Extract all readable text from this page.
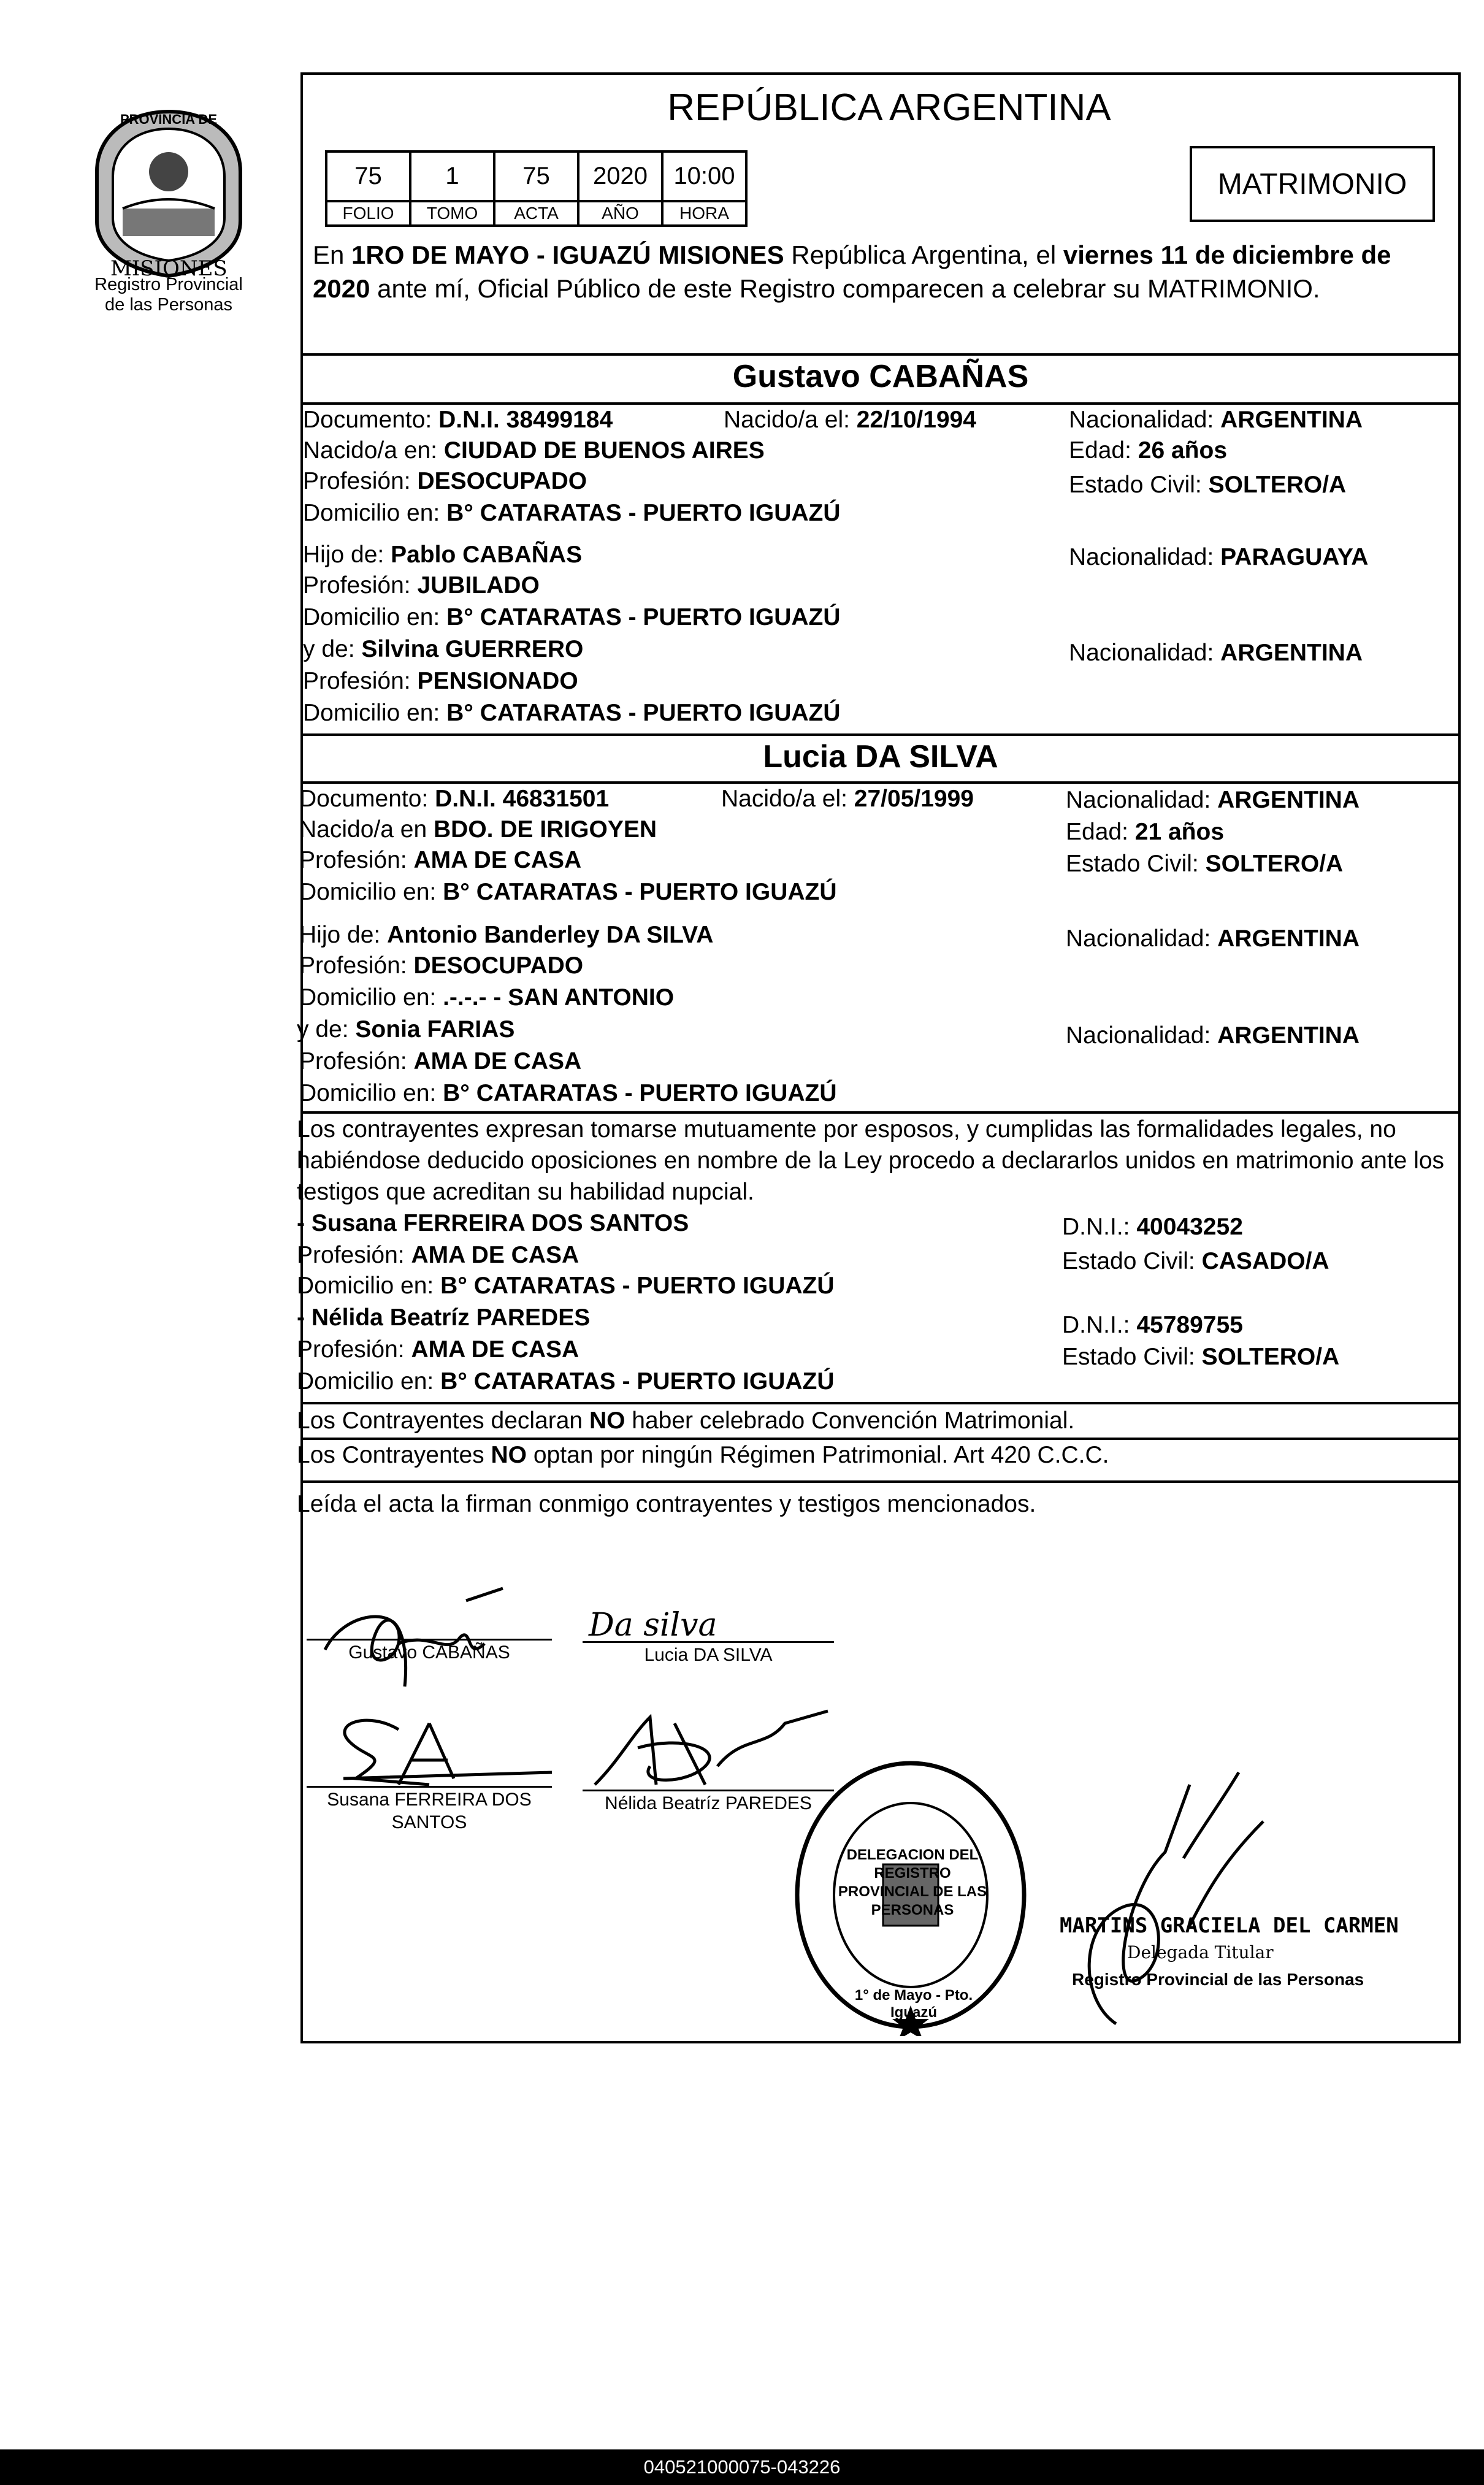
PROVINCIA DE
MISIONES
Registro Provincial
de las Personas
REPÚBLICA ARGENTINA
MATRIMONIO
75	1	75	2020	10:00
FOLIO	TOMO	ACTA	AÑO	HORA
En 1RO DE MAYO - IGUAZÚ MISIONES República Argentina, el viernes 11 de diciembre de
2020 ante mí, Oficial Público de este Registro comparecen a celebrar su MATRIMONIO.
Gustavo CABAÑAS
Documento: D.N.I. 38499184	Nacido/a el: 22/10/1994	Nacionalidad: ARGENTINA
Nacido/a en: CIUDAD DE BUENOS AIRES	Edad: 26 años
Profesión: DESOCUPADO	Estado Civil: SOLTERO/A
Domicilio en: B° CATARATAS - PUERTO IGUAZÚ
Hijo de: Pablo CABAÑAS	Nacionalidad: PARAGUAYA
Profesión: JUBILADO
Domicilio en: B° CATARATAS - PUERTO IGUAZÚ
y de: Silvina GUERRERO	Nacionalidad: ARGENTINA
Profesión: PENSIONADO
Domicilio en: B° CATARATAS - PUERTO IGUAZÚ
Lucia DA SILVA
Documento: D.N.I. 46831501	Nacido/a el: 27/05/1999	Nacionalidad: ARGENTINA
Nacido/a en BDO. DE IRIGOYEN	Edad: 21 años
Profesión: AMA DE CASA	Estado Civil: SOLTERO/A
Domicilio en: B° CATARATAS - PUERTO IGUAZÚ
Hijo de: Antonio Banderley DA SILVA	Nacionalidad: ARGENTINA
Profesión: DESOCUPADO
Domicilio en: .-.-.- - SAN ANTONIO
y de: Sonia FARIAS	Nacionalidad: ARGENTINA
Profesión: AMA DE CASA
Domicilio en: B° CATARATAS - PUERTO IGUAZÚ
Los contrayentes expresan tomarse mutuamente por esposos, y cumplidas las formalidades legales, no habiéndose deducido oposiciones en nombre de la Ley procedo a declararlos unidos en matrimonio ante los testigos que acreditan su habilidad nupcial.
- Susana FERREIRA DOS SANTOS	D.N.I.: 40043252
Profesión: AMA DE CASA	Estado Civil: CASADO/A
Domicilio en: B° CATARATAS - PUERTO IGUAZÚ
- Nélida Beatríz PAREDES	D.N.I.: 45789755
Profesión: AMA DE CASA	Estado Civil: SOLTERO/A
Domicilio en: B° CATARATAS - PUERTO IGUAZÚ
Los Contrayentes declaran NO haber celebrado Convención Matrimonial.
Los Contrayentes NO optan por ningún Régimen Patrimonial. Art 420 C.C.C.
Leída el acta la firman conmigo contrayentes y testigos mencionados.
Gustavo CABAÑAS
Da silva
Lucia DA SILVA
Susana FERREIRA DOS
SANTOS
Nélida Beatríz PAREDES
DELEGACION DEL REGISTRO PROVINCIAL DE LAS PERSONAS
1° de Mayo - Pto. Iguazú
MARTINS GRACIELA DEL CARMEN
Delegada Titular
Registro Provincial de las Personas
040521000075-043226
